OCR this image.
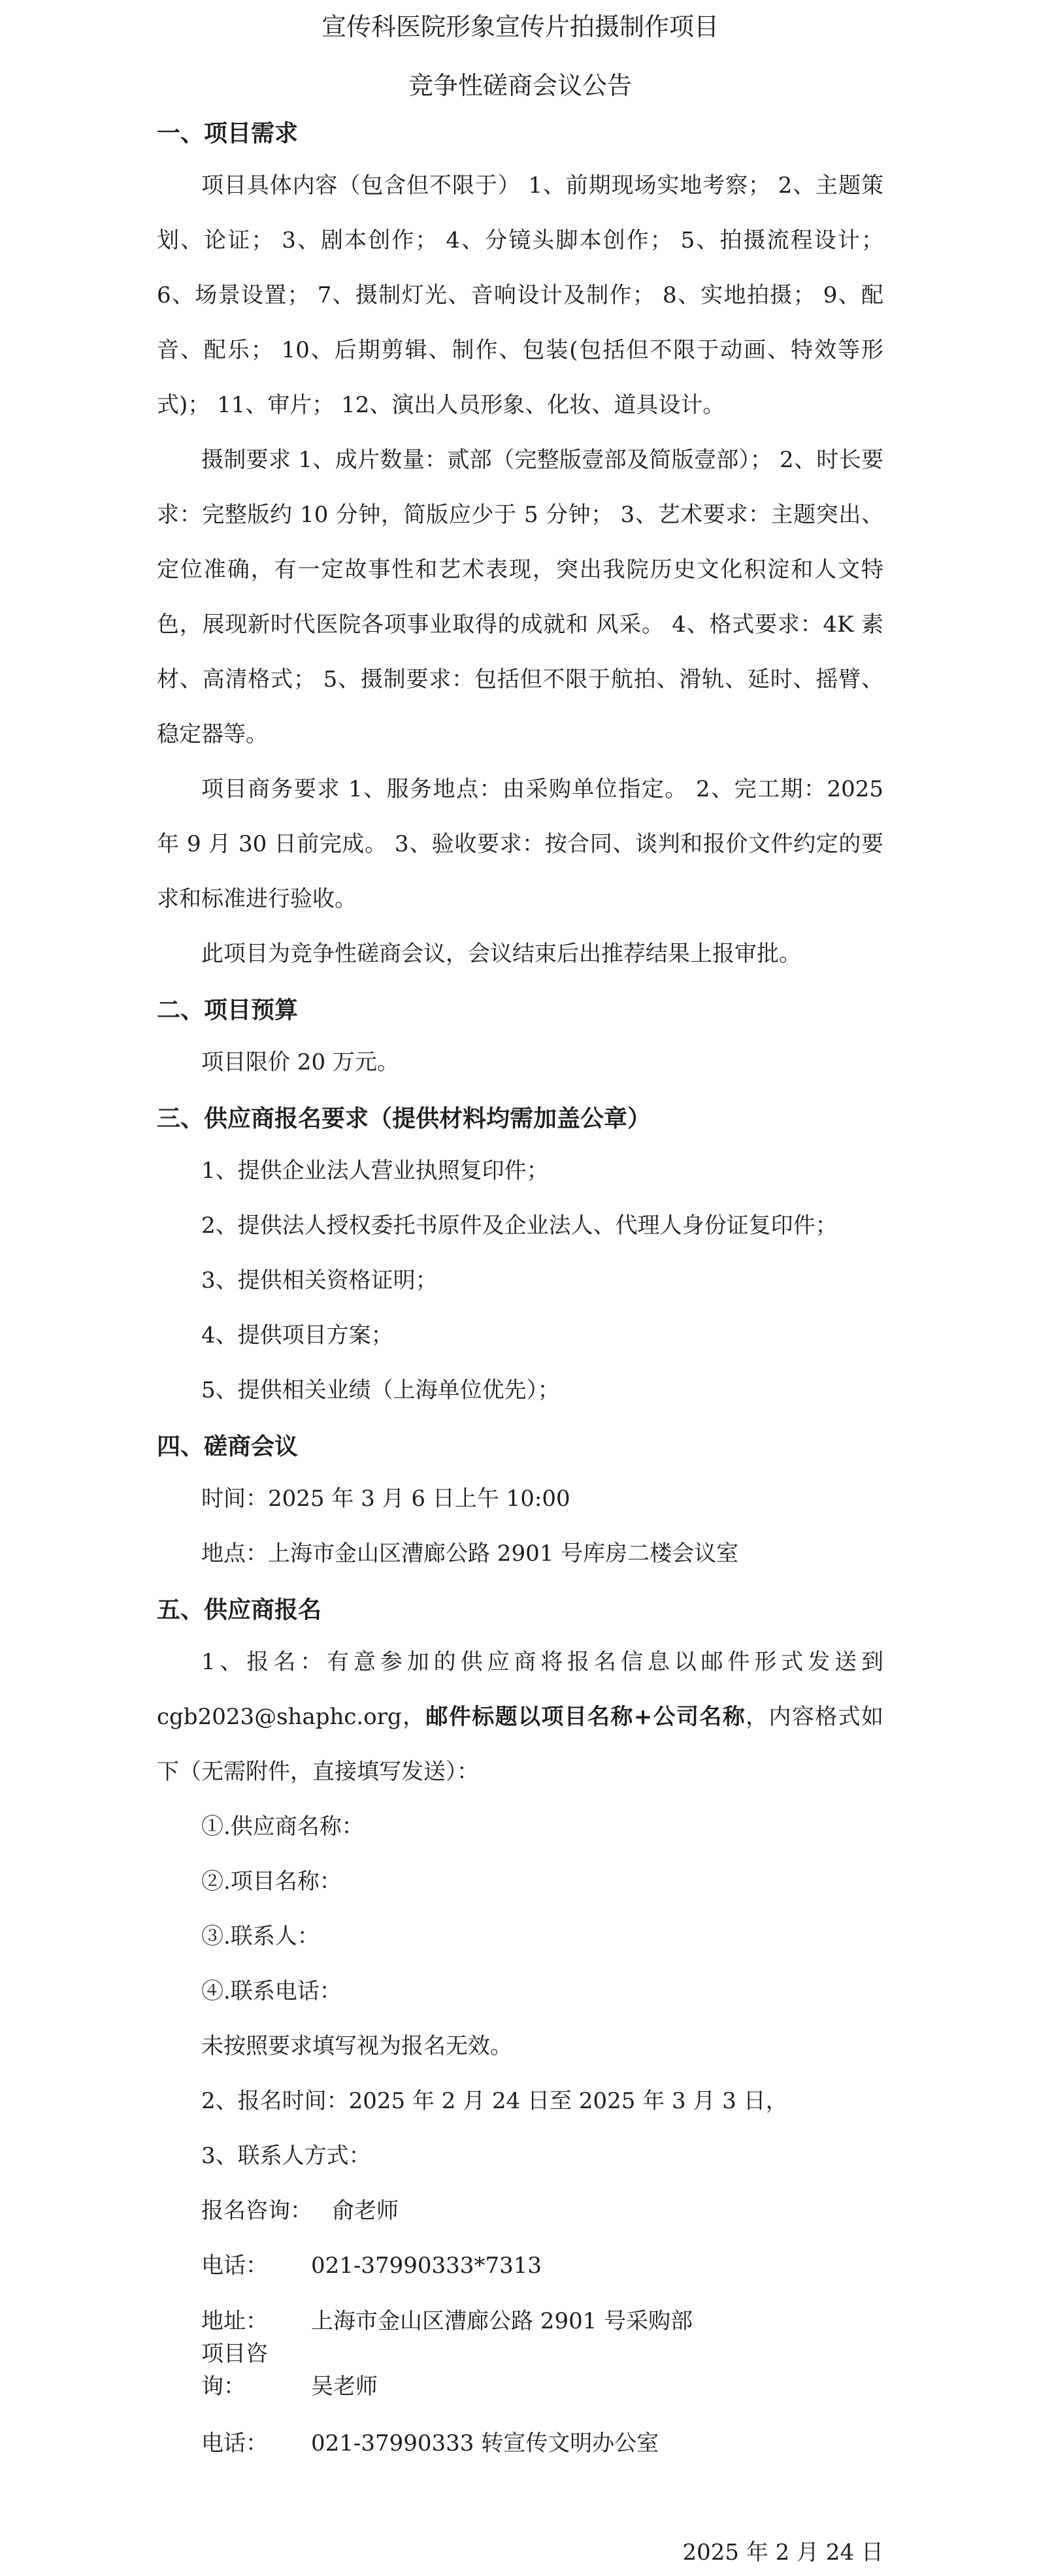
宣传科医院形象宣传片拍摄制作项目
竞争性磋商会议公告
一、项目需求

项目具体内容（包含但不限于） 1、前期现场实地考察； 2、主题策划、论证； 3、剧本创作； 4、分镜头脚本创作； 5、拍摄流程设计； 6、场景设置； 7、摄制灯光、音响设计及制作； 8、实地拍摄； 9、配音、配乐； 10、后期剪辑、制作、包装(包括但不限于动画、特效等形式)； 11、审片； 12、演出人员形象、化妆、道具设计。

摄制要求 1、成片数量：贰部（完整版壹部及简版壹部）； 2、时长要求：完整版约 10 分钟，简版应少于 5 分钟； 3、艺术要求：主题突出、定位准确，有一定故事性和艺术表现，突出我院历史文化积淀和人文特色，展现新时代医院各项事业取得的成就和 风采。 4、格式要求：4K 素材、高清格式； 5、摄制要求：包括但不限于航拍、滑轨、延时、摇臂、稳定器等。

项目商务要求 1、服务地点：由采购单位指定。 2、完工期：2025 年 9 月 30 日前完成。 3、验收要求：按合同、谈判和报价文件约定的要求和标准进行验收。

此项目为竞争性磋商会议，会议结束后出推荐结果上报审批。

二、项目预算

项目限价 20 万元。

三、供应商报名要求（提供材料均需加盖公章）

1、提供企业法人营业执照复印件；

2、提供法人授权委托书原件及企业法人、代理人身份证复印件；

3、提供相关资格证明；

4、提供项目方案；

5、提供相关业绩（上海单位优先）；

四、磋商会议

时间：2025 年 3 月 6 日上午 10:00

地点：上海市金山区漕廊公路 2901 号库房二楼会议室

五、供应商报名

1、报名：有意参加的供应商将报名信息以邮件形式发送到 cgb2023@shaphc.org，邮件标题以项目名称+公司名称，内容格式如下（无需附件，直接填写发送）：

①.供应商名称：

②.项目名称：

③.联系人：

④.联系电话：

未按照要求填写视为报名无效。

2、报名时间：2025 年 2 月 24 日至 2025 年 3 月 3 日，

3、联系人方式：

报名咨询： 俞老师

电话： 021-37990333*7313

地址： 上海市金山区漕廊公路 2901 号采购部

项目咨询：	吴老师

电话： 021-37990333 转宣传文明办公室

2025 年 2 月 24 日
